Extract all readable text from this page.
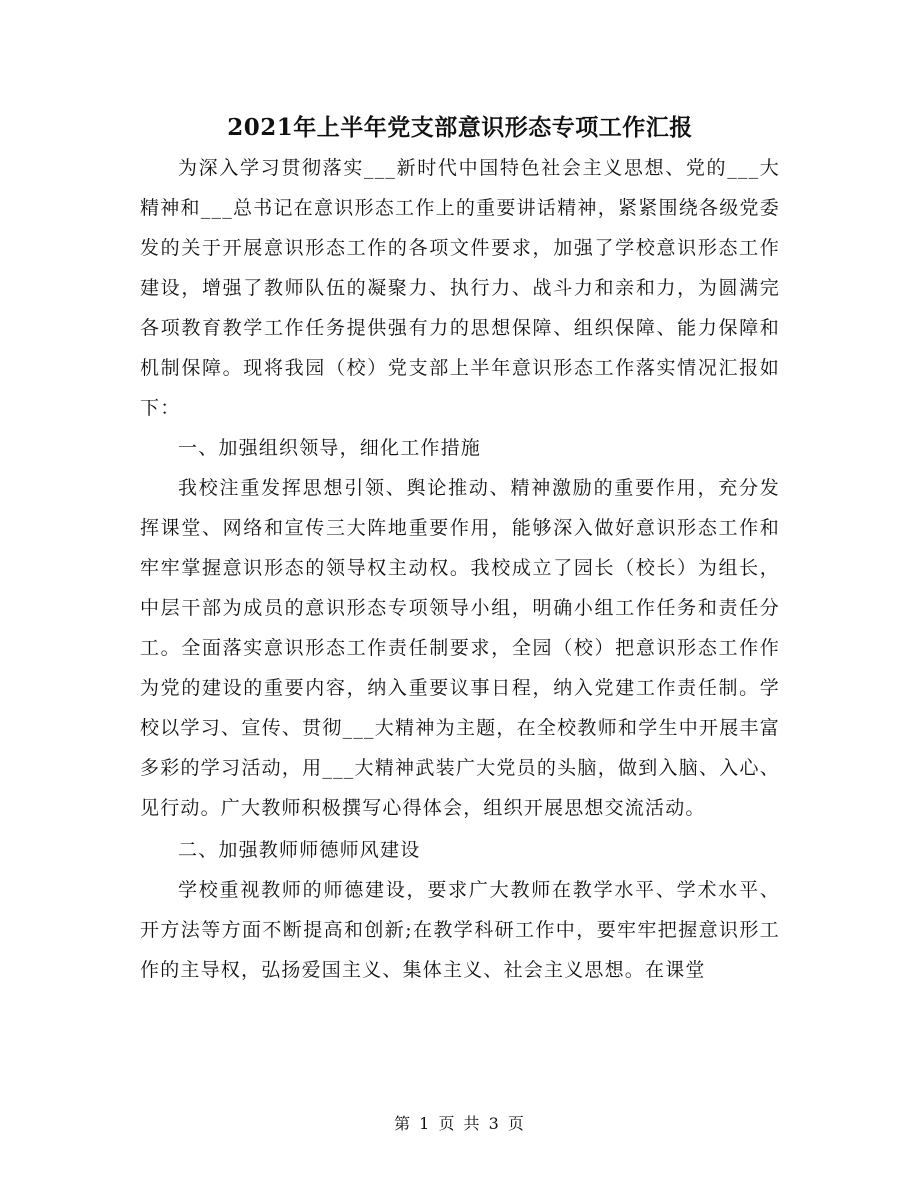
2021年上半年党支部意识形态专项工作汇报

为深入学习贯彻落实___新时代中国特色社会主义思想、党的___大精神和___总书记在意识形态工作上的重要讲话精神，紧紧围绕各级党委发的关于开展意识形态工作的各项文件要求，加强了学校意识形态工作建设，增强了教师队伍的凝聚力、执行力、战斗力和亲和力，为圆满完各项教育教学工作任务提供强有力的思想保障、组织保障、能力保障和机制保障。现将我园（校）党支部上半年意识形态工作落实情况汇报如下：

一、加强组织领导，细化工作措施

我校注重发挥思想引领、舆论推动、精神激励的重要作用，充分发挥课堂、网络和宣传三大阵地重要作用，能够深入做好意识形态工作和牢牢掌握意识形态的领导权主动权。我校成立了园长（校长）为组长，中层干部为成员的意识形态专项领导小组，明确小组工作任务和责任分工。全面落实意识形态工作责任制要求，全园（校）把意识形态工作作为党的建设的重要内容，纳入重要议事日程，纳入党建工作责任制。学校以学习、宣传、贯彻___大精神为主题，在全校教师和学生中开展丰富多彩的学习活动，用___大精神武装广大党员的头脑，做到入脑、入心、见行动。广大教师积极撰写心得体会，组织开展思想交流活动。

二、加强教师师德师风建设

学校重视教师的师德建设，要求广大教师在教学水平、学术水平、开方法等方面不断提高和创新;在教学科研工作中，要牢牢把握意识形工作的主导权，弘扬爱国主义、集体主义、社会主义思想。在课堂

第 1 页 共 3 页
